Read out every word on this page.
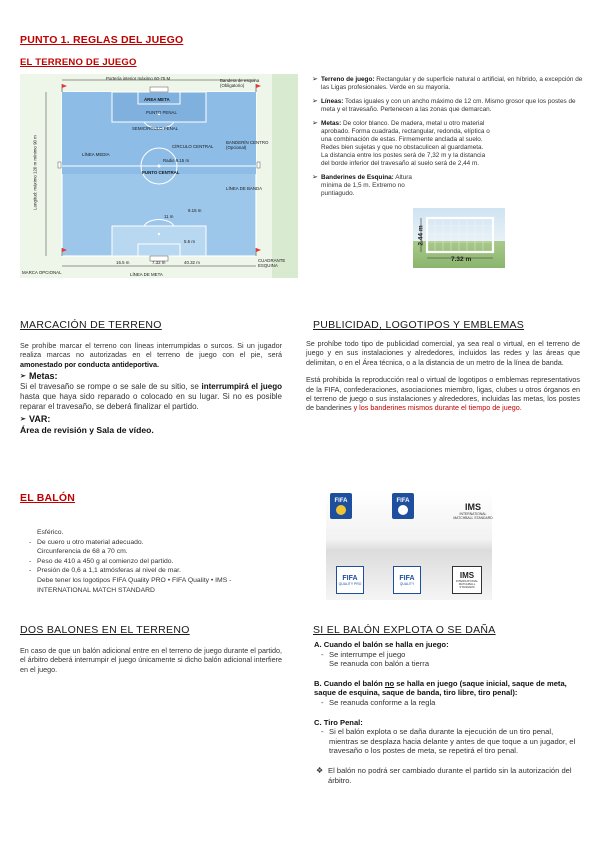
PUNTO 1. REGLAS DEL JUEGO
EL TERRENO DE JUEGO
Portería interior máximo 60-75 M	Bandera de esquina (Obligatorio)
ÁREA META
PUNTO PENAL
SEMICÍRCULO PENAL
CÍRCULO CENTRAL
BANDERÍN CENTRO (Opcional)
LÍNEA MEDIA
Radio 9.15 m
PUNTO CENTRAL
LÍNEA DE BANDA
9.15 m
11 m
5.5 m
16.5 m	7.32 m	40.32 m	CUADRANTE ESQUINA
MARCA OPCIONAL	LÍNEA DE META
Longitud: máximo 120 m mínimo 90 m
➢ Terreno de juego: Rectangular y de superficie natural o artificial, en híbrido, a excepción de las Ligas profesionales. Verde en su mayoría.
➢ Líneas: Todas iguales y con un ancho máximo de 12 cm. Mismo grosor que los postes de meta y el travesaño. Pertenecen a las zonas que demarcan.
➢ Metas: De color blanco. De madera, metal u otro material aprobado. Forma cuadrada, rectangular, redonda, elíptica o una combinación de estas. Firmemente anclada al suelo. Redes bien sujetas y que no obstaculicen al guardameta. La distancia entre los postes será de 7,32 m y la distancia del borde inferior del travesaño al suelo será de 2,44 m.
➢ Banderines de Esquina: Altura mínima de 1,5 m. Extremo no puntiagudo.
2.44 m
7.32 m
MARCACIÓN DE TERRENO

Se prohíbe marcar el terreno con líneas interrumpidas o surcos. Si un jugador realiza marcas no autorizadas en el terreno de juego con el pie, será amonestado por conducta antideportiva.

➢ Metas:

Si el travesaño se rompe o se sale de su sitio, se interrumpirá el juego hasta que haya sido reparado o colocado en su lugar. Si no es posible reparar el travesaño, se deberá finalizar el partido.

➢ VAR:

Área de revisión y Sala de vídeo.

PUBLICIDAD, LOGOTIPOS Y EMBLEMAS

Se prohíbe todo tipo de publicidad comercial, ya sea real o virtual, en el terreno de juego y en sus instalaciones y alrededores, incluidos las redes y las áreas que delimitan, o en el Área técnica, o a la distancia de un metro de la línea de banda.

Está prohibida la reproducción real o virtual de logotipos o emblemas representativos de la FIFA, confederaciones, asociaciones miembro, ligas, clubes u otros órganos en el terreno de juego o sus instalaciones y alrededores, incluidas las metas, los postes de banderines y los banderines mismos durante el tiempo de juego.

EL BALÓN

Esférico.

- De cuero u otro material adecuado.

Circunferencia de 68 a 70 cm.

- Peso de 410 a 450 g al comienzo del partido.

- Presión de 0,6 a 1,1 atmósferas al nivel de mar.

Debe tener los logotipos FIFA Quality PRO • FIFA Quality • IMS - INTERNATIONAL MATCH STANDARD

FIFA	FIFA
IMS
INTERNATIONAL MATCHBALL STANDARD
FIFA
QUALITY PRO
FIFA
QUALITY
IMS
INTERNATIONAL MATCHBALL STANDARD
DOS BALONES EN EL TERRENO
En caso de que un balón adicional entre en el terreno de juego durante el partido, el árbitro deberá interrumpir el juego únicamente si dicho balón adicional interfiere en el juego.
SI EL BALÓN EXPLOTA O SE DAÑA

A. Cuando el balón se halla en juego:

- Se interrumpe el juego

Se reanuda con balón a tierra

B. Cuando el balón no se halla en juego (saque inicial, saque de meta, saque de esquina, saque de banda, tiro libre, tiro penal):

- Se reanuda conforme a la regla

C. Tiro Penal:

- Si el balón explota o se daña durante la ejecución de un tiro penal, mientras se desplaza hacia delante y antes de que toque a un jugador, el travesaño o los postes de meta, se repetirá el tiro penal.

❖ El balón no podrá ser cambiado durante el partido sin la autorización del árbitro.
